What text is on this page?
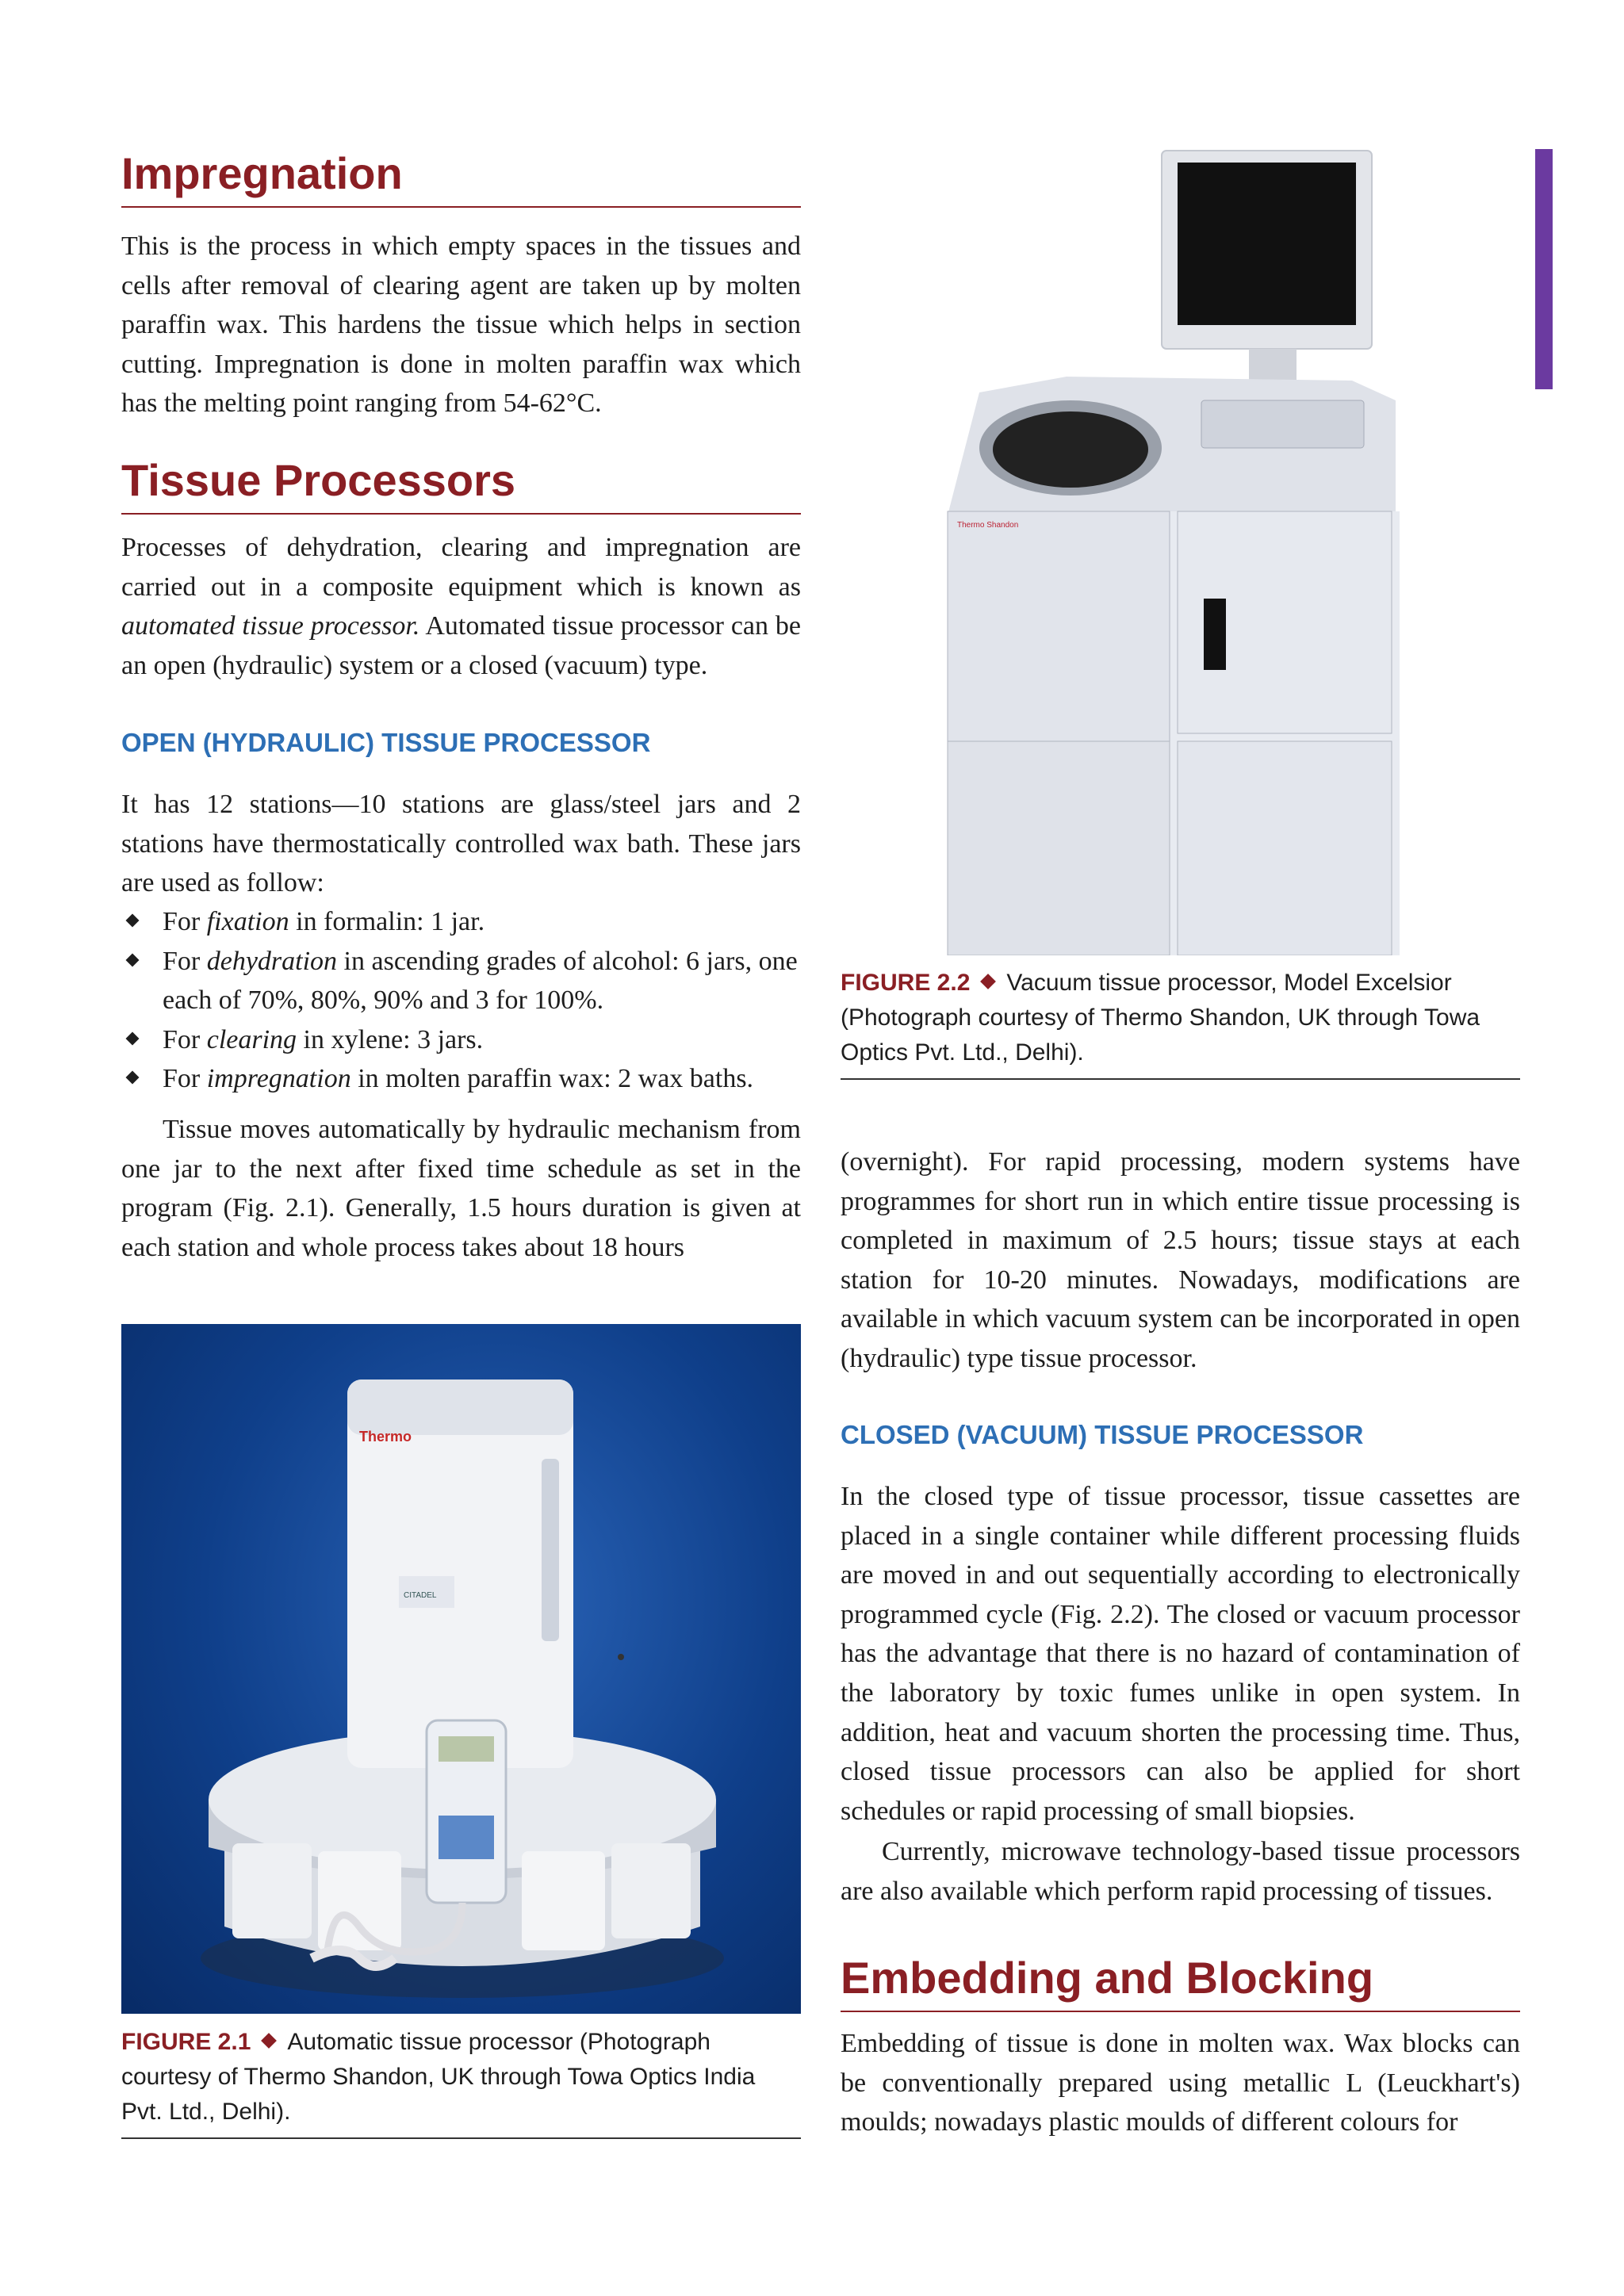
Impregnation

This is the process in which empty spaces in the tissues and cells after removal of clearing agent are taken up by molten paraffin wax. This hardens the tissue which helps in section cutting. Impregnation is done in molten paraffin wax which has the melting point ranging from 54-62°C.

Tissue Processors

Processes of dehydration, clearing and impregnation are carried out in a composite equipment which is known as automated tissue processor. Automated tissue processor can be an open (hydraulic) system or a closed (vacuum) type.

OPEN (HYDRAULIC) TISSUE PROCESSOR

It has 12 stations—10 stations are glass/steel jars and 2 stations have thermostatically controlled wax bath. These jars are used as follow:

For fixation in formalin: 1 jar.
For dehydration in ascending grades of alcohol: 6 jars, one each of 70%, 80%, 90% and 3 for 100%.
For clearing in xylene: 3 jars.
For impregnation in molten paraffin wax: 2 wax baths.

Tissue moves automatically by hydraulic mechanism from one jar to the next after fixed time schedule as set in the program (Fig. 2.1). Generally, 1.5 hours duration is given at each station and whole process takes about 18 hours

Thermo
CITADEL
FIGURE 2.1 Automatic tissue processor (Photograph courtesy of Thermo Shandon, UK through Towa Optics India Pvt. Ltd., Delhi).
Thermo Shandon
FIGURE 2.2 Vacuum tissue processor, Model Excelsior (Photograph courtesy of Thermo Shandon, UK through Towa Optics Pvt. Ltd., Delhi).

(overnight). For rapid processing, modern systems have programmes for short run in which entire tissue processing is completed in maximum of 2.5 hours; tissue stays at each station for 10-20 minutes. Nowadays, modifications are available in which vacuum system can be incorporated in open (hydraulic) type tissue processor.

CLOSED (VACUUM) TISSUE PROCESSOR

In the closed type of tissue processor, tissue cassettes are placed in a single container while different processing fluids are moved in and out sequentially according to electronically programmed cycle (Fig. 2.2). The closed or vacuum processor has the advantage that there is no hazard of contamination of the laboratory by toxic fumes unlike in open system. In addition, heat and vacuum shorten the processing time. Thus, closed tissue processors can also be applied for short schedules or rapid processing of small biopsies.

Currently, microwave technology-based tissue processors are also available which perform rapid processing of tissues.

Embedding and Blocking

Embedding of tissue is done in molten wax. Wax blocks can be conventionally prepared using metallic L (Leuckhart's) moulds; nowadays plastic moulds of different colours for
